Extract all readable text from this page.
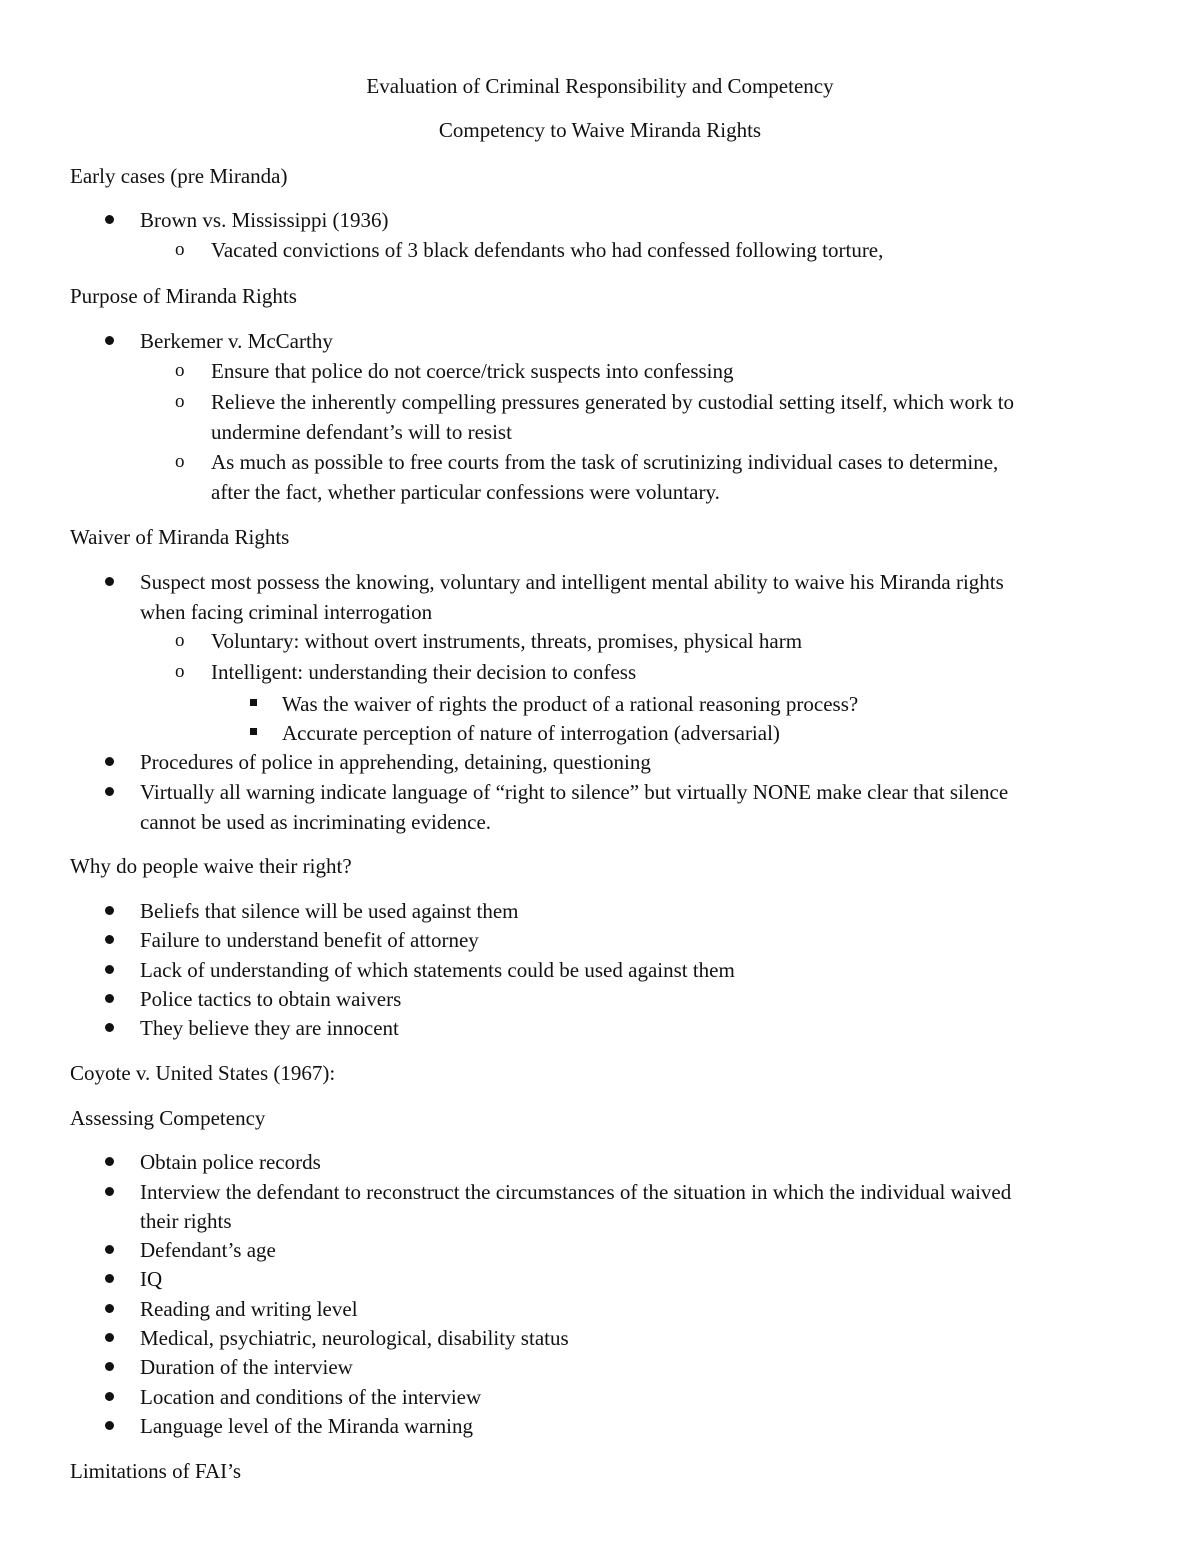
Evaluation of Criminal Responsibility and Competency
Competency to Waive Miranda Rights
Early cases (pre Miranda)
Brown vs. Mississippi (1936)
o Vacated convictions of 3 black defendants who had confessed following torture,
Purpose of Miranda Rights
Berkemer v. McCarthy
o Ensure that police do not coerce/trick suspects into confessing
o Relieve the inherently compelling pressures generated by custodial setting itself, which work to
undermine defendant’s will to resist
o As much as possible to free courts from the task of scrutinizing individual cases to determine,
after the fact, whether particular confessions were voluntary.
Waiver of Miranda Rights
Suspect most possess the knowing, voluntary and intelligent mental ability to waive his Miranda rights
when facing criminal interrogation
o Voluntary: without overt instruments, threats, promises, physical harm
o Intelligent: understanding their decision to confess
Was the waiver of rights the product of a rational reasoning process?
Accurate perception of nature of interrogation (adversarial)
Procedures of police in apprehending, detaining, questioning
Virtually all warning indicate language of “right to silence” but virtually NONE make clear that silence
cannot be used as incriminating evidence.
Why do people waive their right?
Beliefs that silence will be used against them
Failure to understand benefit of attorney
Lack of understanding of which statements could be used against them
Police tactics to obtain waivers
They believe they are innocent
Coyote v. United States (1967):
Assessing Competency
Obtain police records
Interview the defendant to reconstruct the circumstances of the situation in which the individual waived
their rights
Defendant’s age
IQ
Reading and writing level
Medical, psychiatric, neurological, disability status
Duration of the interview
Location and conditions of the interview
Language level of the Miranda warning
Limitations of FAI’s
